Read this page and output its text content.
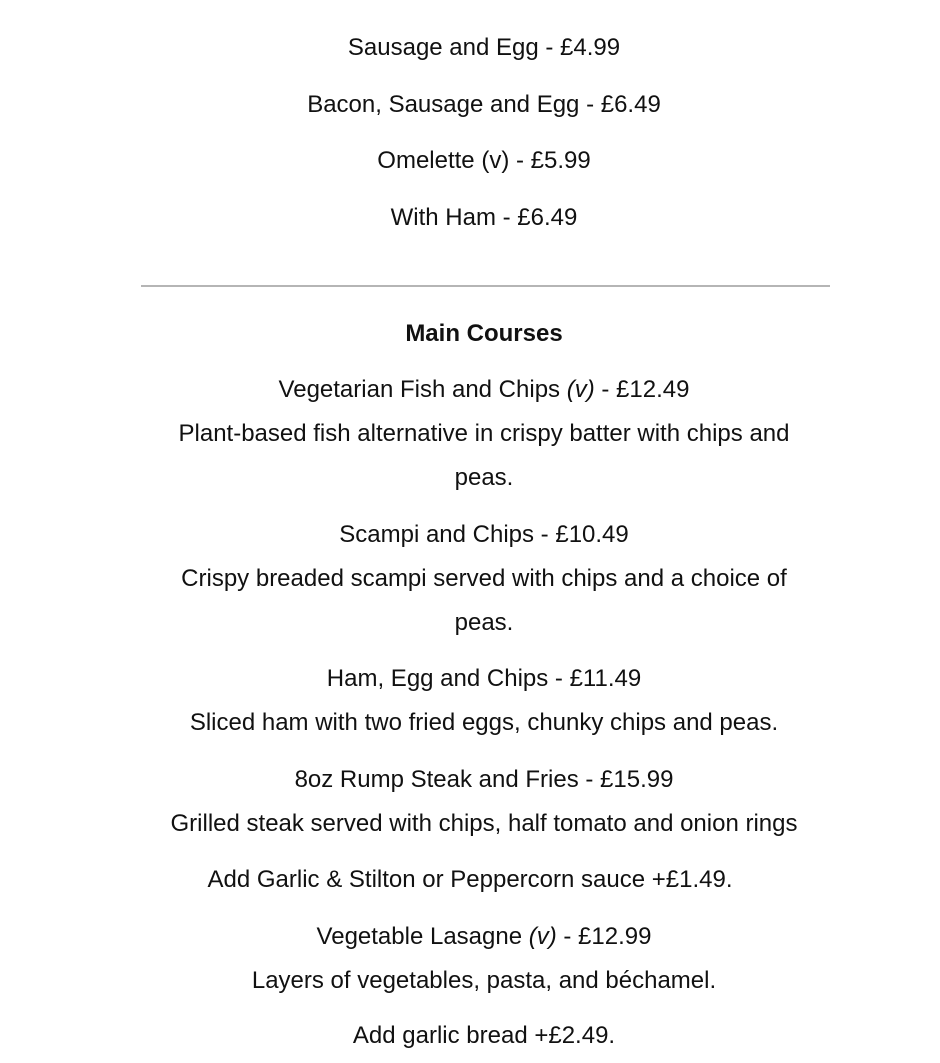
Sausage and Egg - £4.99
Bacon, Sausage and Egg - £6.49
Omelette (v) - £5.99
With Ham - £6.49
Main Courses
Vegetarian Fish and Chips (v) - £12.49
Plant-based fish alternative in crispy batter with chips and
peas.
Scampi and Chips - £10.49
Crispy breaded scampi served with chips and a choice of
peas.
Ham, Egg and Chips - £11.49
Sliced ham with two fried eggs, chunky chips and peas.
8oz Rump Steak and Fries - £15.99
Grilled steak served with chips, half tomato and onion rings
Add Garlic & Stilton or Peppercorn sauce +£1.49.
Vegetable Lasagne (v) - £12.99
Layers of vegetables, pasta, and béchamel.
Add garlic bread +£2.49.
